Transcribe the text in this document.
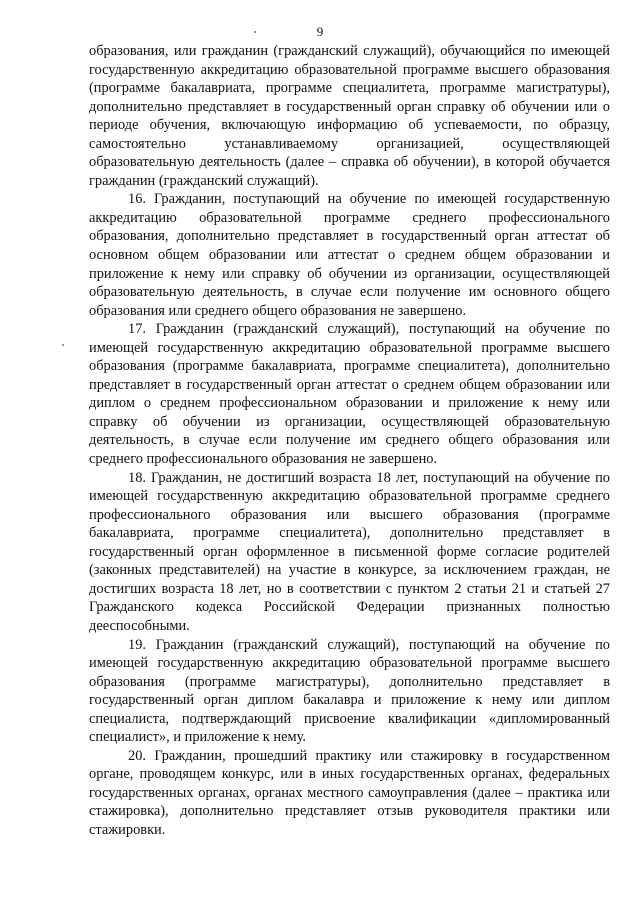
9

образования, или гражданин (гражданский служащий), обучающийся по имеющей государственную аккредитацию образовательной программе высшего образования (программе бакалавриата, программе специалитета, программе магистратуры), дополнительно представляет в государственный орган справку об обучении или о периоде обучения, включающую информацию об успеваемости, по образцу, самостоятельно устанавливаемому организацией, осуществляющей образовательную деятельность (далее – справка об обучении), в которой обучается гражданин (гражданский служащий).

16. Гражданин, поступающий на обучение по имеющей государственную аккредитацию образовательной программе среднего профессионального образования, дополнительно представляет в государственный орган аттестат об основном общем образовании или аттестат о среднем общем образовании и приложение к нему или справку об обучении из организации, осуществляющей образовательную деятельность, в случае если получение им основного общего образования или среднего общего образования не завершено.

17. Гражданин (гражданский служащий), поступающий на обучение по имеющей государственную аккредитацию образовательной программе высшего образования (программе бакалавриата, программе специалитета), дополнительно представляет в государственный орган аттестат о среднем общем образовании или диплом о среднем профессиональном образовании и приложение к нему или справку об обучении из организации, осуществляющей образовательную деятельность, в случае если получение им среднего общего образования или среднего профессионального образования не завершено.

18. Гражданин, не достигший возраста 18 лет, поступающий на обучение по имеющей государственную аккредитацию образовательной программе среднего профессионального образования или высшего образования (программе бакалавриата, программе специалитета), дополнительно представляет в государственный орган оформленное в письменной форме согласие родителей (законных представителей) на участие в конкурсе, за исключением граждан, не достигших возраста 18 лет, но в соответствии с пунктом 2 статьи 21 и статьей 27 Гражданского кодекса Российской Федерации признанных полностью дееспособными.

19. Гражданин (гражданский служащий), поступающий на обучение по имеющей государственную аккредитацию образовательной программе высшего образования (программе магистратуры), дополнительно представляет в государственный орган диплом бакалавра и приложение к нему или диплом специалиста, подтверждающий присвоение квалификации «дипломированный специалист», и приложение к нему.

20. Гражданин, прошедший практику или стажировку в государственном органе, проводящем конкурс, или в иных государственных органах, федеральных государственных органах, органах местного самоуправления (далее – практика или стажировка), дополнительно представляет отзыв руководителя практики или стажировки.
